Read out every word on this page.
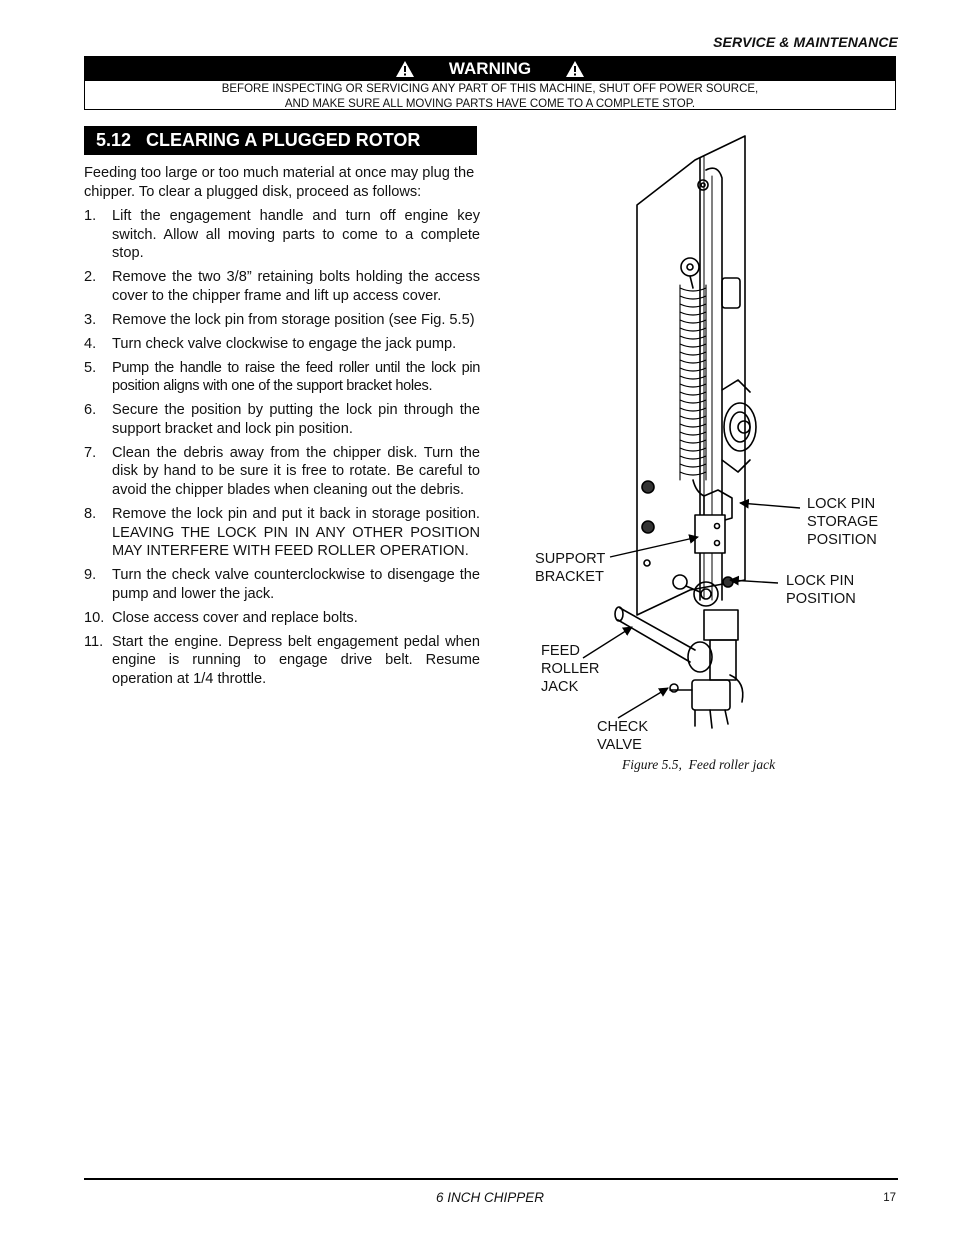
SERVICE & MAINTENANCE
WARNING
BEFORE INSPECTING OR SERVICING ANY PART OF THIS MACHINE, SHUT OFF POWER SOURCE,
AND MAKE SURE ALL MOVING PARTS HAVE COME TO A COMPLETE STOP.
5.12   CLEARING A PLUGGED ROTOR
Feeding too large or too much material at once may plug the chipper. To clear a plugged disk, proceed as follows:
1.	Lift the engagement handle and turn off engine key switch. Allow all moving parts to come to a complete stop.
2.	Remove the two 3/8” retaining bolts holding the access cover to the chipper frame and lift up access cover.
3.	Remove the lock pin from storage position (see Fig. 5.5)
4.	Turn check valve clockwise to engage the jack pump.
5.	Pump the handle to raise the feed roller until the lock pin position aligns with one of the support bracket holes.
6.	Secure the position by putting the lock pin through the support bracket and lock pin position.
7.	Clean the debris away from the chipper disk. Turn the disk by hand to be sure it is free to rotate. Be careful to avoid the chipper blades when cleaning out the debris.
8.	Remove the lock pin and put it back in storage position. LEAVING THE LOCK PIN IN ANY OTHER POSITION MAY INTERFERE WITH FEED ROLLER OPERATION.
9.	Turn the check valve counterclockwise to disengage the pump and lower the jack.
10. Close access cover and replace bolts.
11. Start the engine. Depress belt engagement pedal when engine is running to engage drive belt. Resume operation at 1/4 throttle.
LOCK PIN
STORAGE
POSITION
SUPPORT
BRACKET	LOCK PIN
POSITION
FEED
ROLLER
JACK
CHECK
VALVE
Figure 5.5,  Feed roller jack
6 INCH CHIPPER	17
